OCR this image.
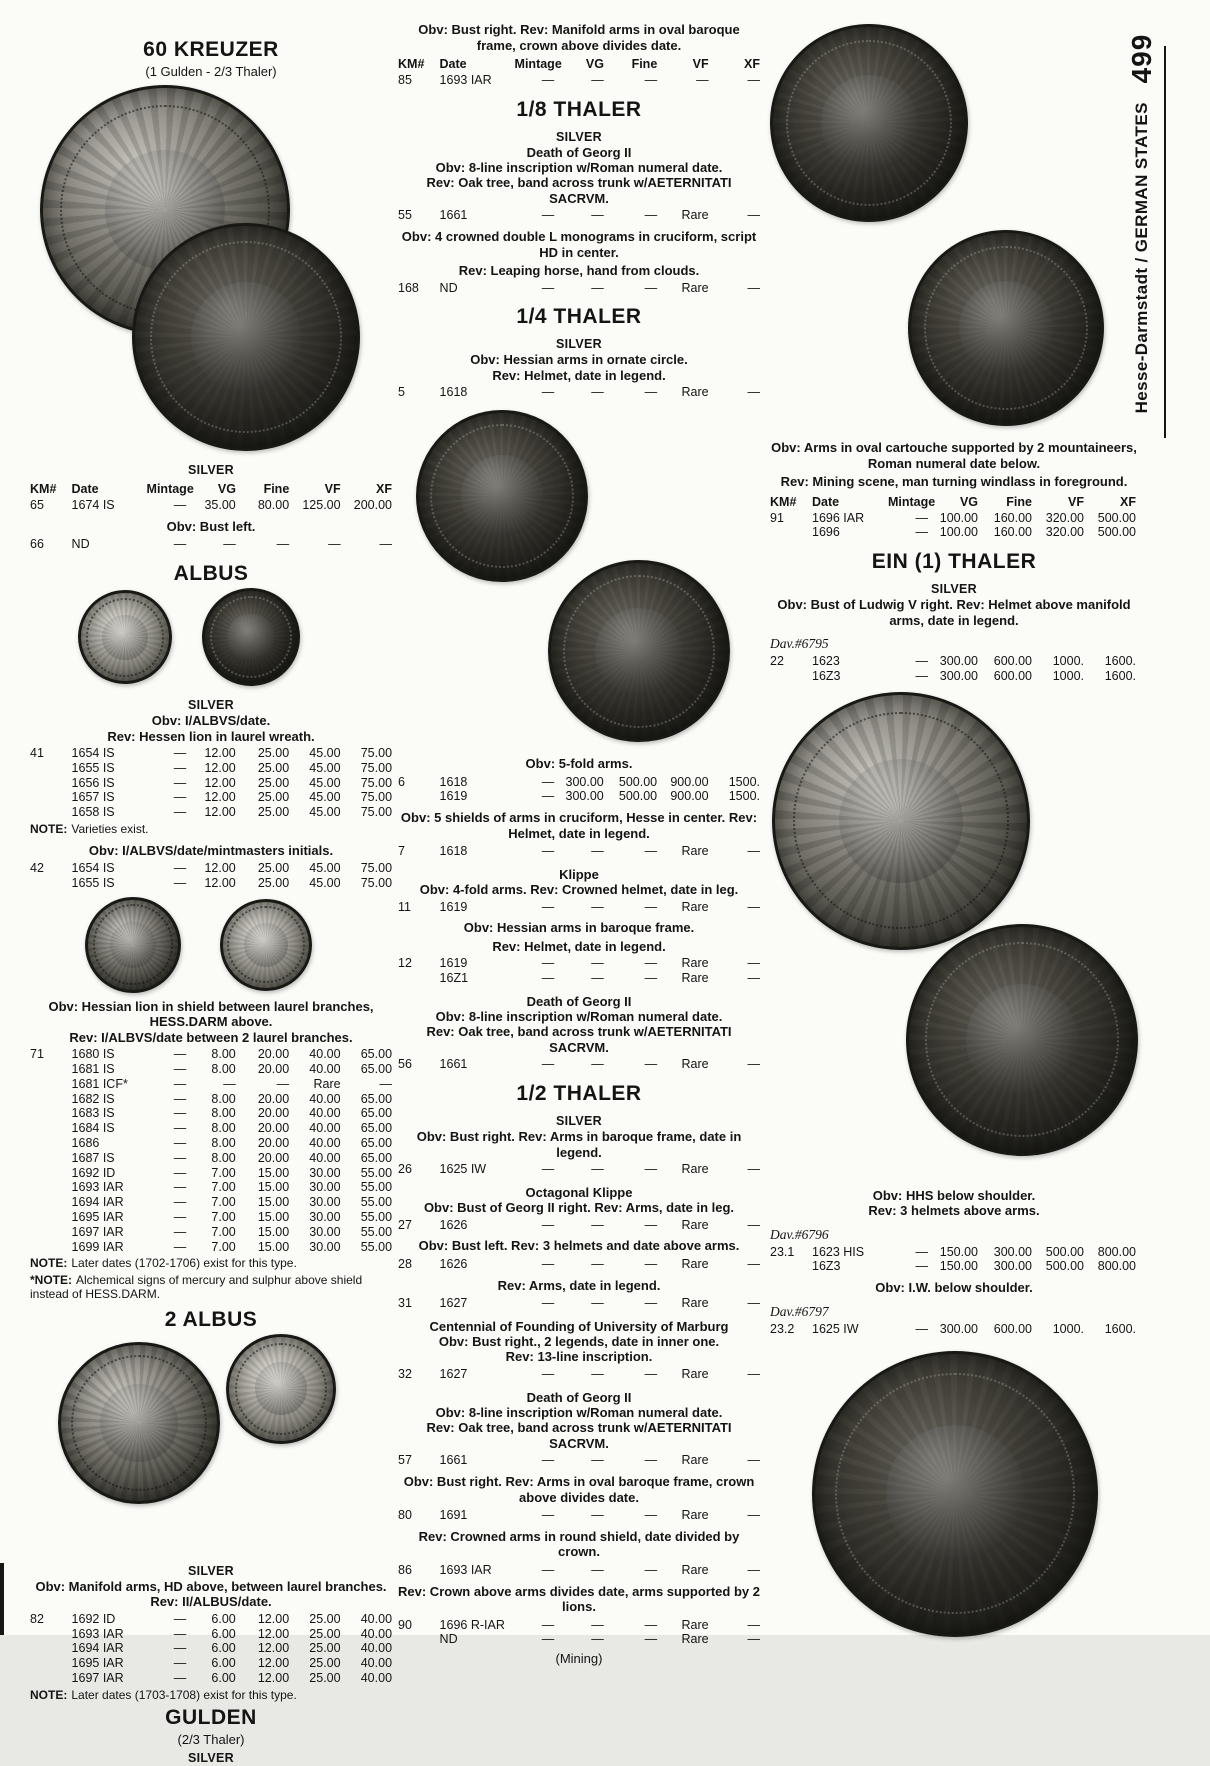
60 KREUZER
(1 Gulden - 2/3 Thaler)
SILVER
KM#	Date	Mintage	VG	Fine	VF	XF
65	1674 IS	—	35.00	80.00	125.00	200.00
Obv: Bust left.
66	ND	—	—	—	—	—
ALBUS
SILVER
Obv: I/ALBVS/date.
Rev: Hessen lion in laurel wreath.
41	1654 IS	—	12.00	25.00	45.00	75.00
1655 IS	—	12.00	25.00	45.00	75.00
1656 IS	—	12.00	25.00	45.00	75.00
1657 IS	—	12.00	25.00	45.00	75.00
1658 IS	—	12.00	25.00	45.00	75.00
NOTE: Varieties exist.
Obv: I/ALBVS/date/mintmasters initials.
42	1654 IS	—	12.00	25.00	45.00	75.00
1655 IS	—	12.00	25.00	45.00	75.00
Obv: Hessian lion in shield between laurel branches, HESS.DARM above.
Rev: I/ALBVS/date between 2 laurel branches.
71	1680 IS	—	8.00	20.00	40.00	65.00
1681 IS	—	8.00	20.00	40.00	65.00
1681 ICF*	—	—	—	Rare	—
1682 IS	—	8.00	20.00	40.00	65.00
1683 IS	—	8.00	20.00	40.00	65.00
1684 IS	—	8.00	20.00	40.00	65.00
1686	—	8.00	20.00	40.00	65.00
1687 IS	—	8.00	20.00	40.00	65.00
1692 ID	—	7.00	15.00	30.00	55.00
1693 IAR	—	7.00	15.00	30.00	55.00
1694 IAR	—	7.00	15.00	30.00	55.00
1695 IAR	—	7.00	15.00	30.00	55.00
1697 IAR	—	7.00	15.00	30.00	55.00
1699 IAR	—	7.00	15.00	30.00	55.00
NOTE: Later dates (1702-1706) exist for this type.
*NOTE: Alchemical signs of mercury and sulphur above shield instead of HESS.DARM.
2 ALBUS
SILVER
Obv: Manifold arms, HD above, between laurel branches. Rev: II/ALBUS/date.
82	1692 ID	—	6.00	12.00	25.00	40.00
1693 IAR	—	6.00	12.00	25.00	40.00
1694 IAR	—	6.00	12.00	25.00	40.00
1695 IAR	—	6.00	12.00	25.00	40.00
1697 IAR	—	6.00	12.00	25.00	40.00
NOTE: Later dates (1703-1708) exist for this type.
GULDEN
(2/3 Thaler)
SILVER
Obv: Bust right. Rev: Manifold arms in oval baroque frame, crown above divides date.
KM#	Date	Mintage	VG	Fine	VF	XF
85	1693 IAR	—	—	—	—	—
1/8 THALER
SILVER
Death of Georg II
Obv: 8-line inscription w/Roman numeral date.
Rev: Oak tree, band across trunk w/AETERNITATI SACRVM.
55	1661	—	—	—	Rare	—
Obv: 4 crowned double L monograms in cruciform, script HD in center.
Rev: Leaping horse, hand from clouds.
168	ND	—	—	—	Rare	—
1/4 THALER
SILVER
Obv: Hessian arms in ornate circle.
Rev: Helmet, date in legend.
5	1618	—	—	—	Rare	—
Obv: 5-fold arms.
6	1618	— 300.00	500.00	900.00	1500.
1619	— 300.00	500.00	900.00	1500.
Obv: 5 shields of arms in cruciform, Hesse in center. Rev: Helmet, date in legend.
7	1618	—	—	—	Rare	—
Klippe
Obv: 4-fold arms. Rev: Crowned helmet, date in leg.
11	1619	—	—	—	Rare	—
Obv: Hessian arms in baroque frame.
Rev: Helmet, date in legend.
12	1619	—	—	—	Rare	—
16Z1	—	—	—	Rare	—
Death of Georg II
Obv: 8-line inscription w/Roman numeral date.
Rev: Oak tree, band across trunk w/AETERNITATI SACRVM.
56	1661	—	—	—	Rare	—
1/2 THALER
SILVER
Obv: Bust right. Rev: Arms in baroque frame, date in legend.
26	1625 IW	—	—	—	Rare	—
Octagonal Klippe
Obv: Bust of Georg II right. Rev: Arms, date in leg.
27	1626	—	—	—	Rare	—
Obv: Bust left. Rev: 3 helmets and date above arms.
28	1626	—	—	—	Rare	—
Rev: Arms, date in legend.
31	1627	—	—	—	Rare	—
Centennial of Founding of University of Marburg
Obv: Bust right., 2 legends, date in inner one.
Rev: 13-line inscription.
32	1627	—	—	—	Rare	—
Death of Georg II
Obv: 8-line inscription w/Roman numeral date.
Rev: Oak tree, band across trunk w/AETERNITATI SACRVM.
57	1661	—	—	—	Rare	—
Obv: Bust right. Rev: Arms in oval baroque frame, crown above divides date.
80	1691	—	—	—	Rare	—
Rev: Crowned arms in round shield, date divided by crown.
86	1693 IAR	—	—	—	Rare	—
Rev: Crown above arms divides date, arms supported by 2 lions.
90	1696 R-IAR	—	—	—	Rare	—
ND	—	—	—	Rare	—
(Mining)
Obv: Arms in oval cartouche supported by 2 mountaineers, Roman numeral date below.
Rev: Mining scene, man turning windlass in foreground.
KM#	Date	Mintage	VG	Fine	VF	XF
91	1696 IAR	— 100.00	160.00	320.00	500.00
1696	— 100.00	160.00	320.00	500.00
EIN (1) THALER
SILVER
Obv: Bust of Ludwig V right. Rev: Helmet above manifold arms, date in legend.
Dav.#6795
22	1623	— 300.00	600.00	1000.	1600.
16Z3	— 300.00	600.00	1000.	1600.
Obv: HHS below shoulder.
Rev: 3 helmets above arms.
Dav.#6796
23.1	1623 HIS	— 150.00	300.00	500.00	800.00
16Z3	— 150.00	300.00	500.00	800.00
Obv: I.W. below shoulder.
Dav.#6797
23.2	1625 IW	— 300.00	600.00	1000.	1600.
Hesse-Darmstadt / GERMAN STATES 499
